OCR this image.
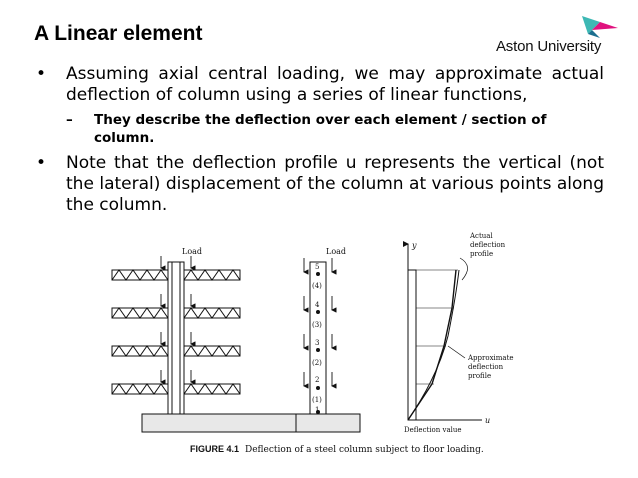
A Linear element
Aston University
•	Assuming axial central loading, we may approximate actual deflection of column using a series of linear functions,
–	They describe the deflection over each element / section of column.
•	Note that the deflection profile u represents the vertical (not the lateral) displacement of the column at various points along the column.
Load	Load
5
(4)
4
(3)
3
(2)
2
(1)
1
y
u
Actual
deflection
profile
Approximate
deflection
profile
Deflection value
FIGURE 4.1 Deflection of a steel column subject to floor loading.
